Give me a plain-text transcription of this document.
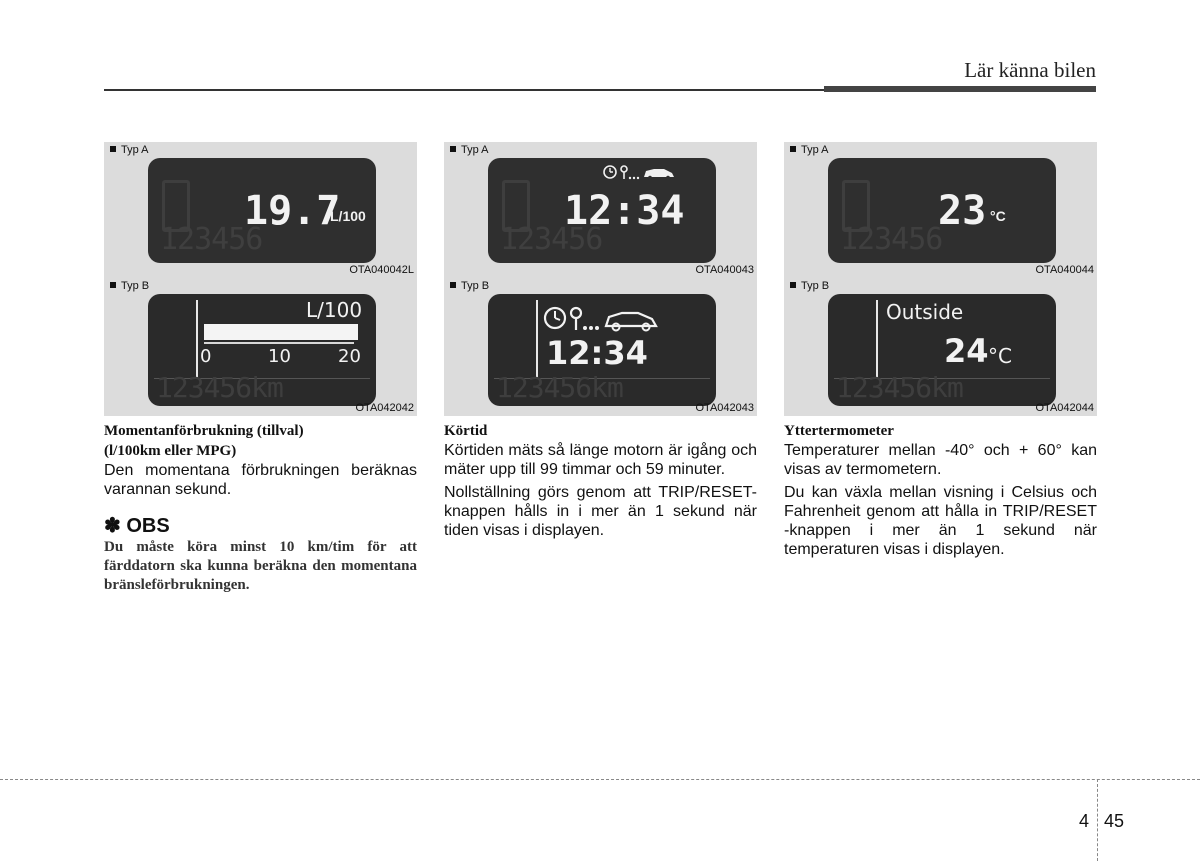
Lär känna bilen
Typ A
19.7
L/100
123456
OTA040042L
Typ B
L/100
0	10	20
123456km
OTA042042
Momentanförbrukning (tillval)
(l/100km eller MPG)

Den momentana förbrukningen beräknas varannan sekund.

✽ OBS
Du måste köra minst 10 km/tim för att färddatorn ska kunna beräkna den momentana bränsleförbrukningen.
Typ A
12:34
123456
OTA040043
Typ B
12:34
123456km
OTA042043
Körtid

Körtiden mäts så länge motorn är igång och mäter upp till 99 timmar och 59 minuter.

Nollställning görs genom att TRIP/RESET-knappen hålls in i mer än 1 sekund när tiden visas i displayen.

Typ A
23 °C
123456
OTA040044
Typ B
Outside
24 °C
123456km
OTA042044
Yttertermometer

Temperaturer mellan -40° och + 60° kan visas av termometern.

Du kan växla mellan visning i Celsius och Fahrenheit genom att hålla in TRIP/RESET -knappen i mer än 1 sekund när temperaturen visas i displayen.

4 45
